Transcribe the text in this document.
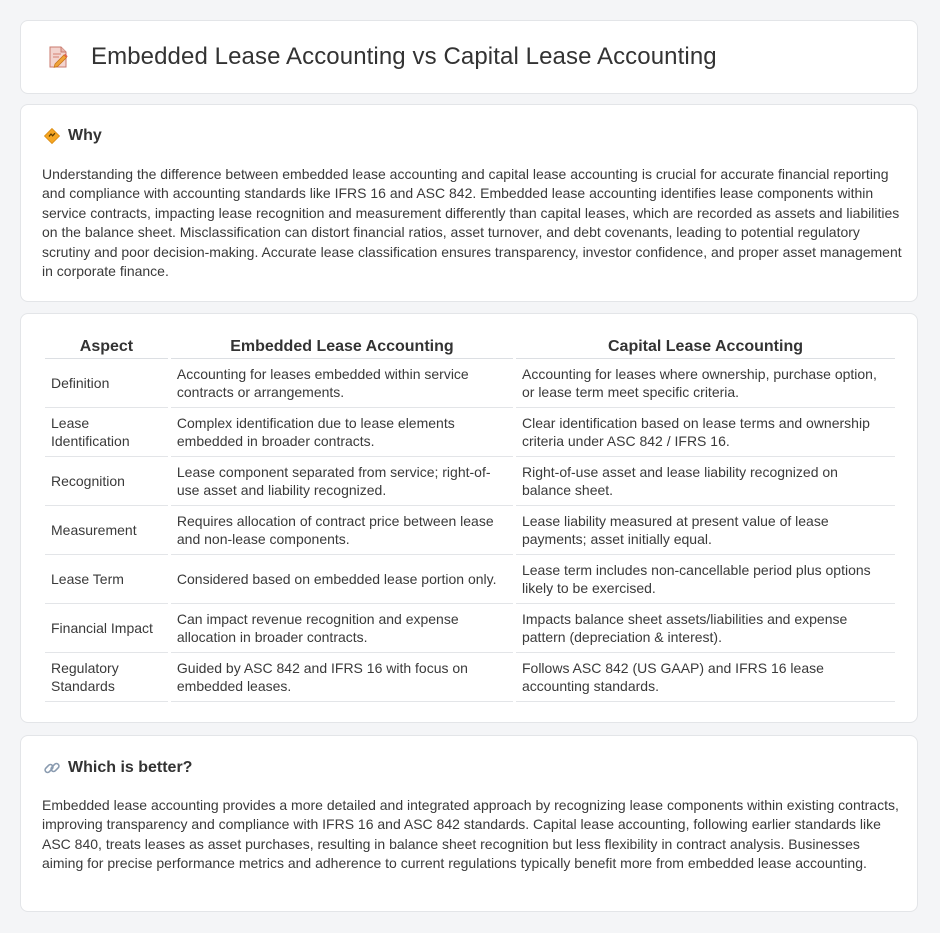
Embedded Lease Accounting vs Capital Lease Accounting
Why

Understanding the difference between embedded lease accounting and capital lease accounting is crucial for accurate financial reporting and compliance with accounting standards like IFRS 16 and ASC 842. Embedded lease accounting identifies lease components within service contracts, impacting lease recognition and measurement differently than capital leases, which are recorded as assets and liabilities on the balance sheet. Misclassification can distort financial ratios, asset turnover, and debt covenants, leading to potential regulatory scrutiny and poor decision-making. Accurate lease classification ensures transparency, investor confidence, and proper asset management in corporate finance.

Aspect	Embedded Lease Accounting	Capital Lease Accounting
Definition	Accounting for leases embedded within service contracts or arrangements.	Accounting for leases where ownership, purchase option, or lease term meet specific criteria.
Lease Identification	Complex identification due to lease elements embedded in broader contracts.	Clear identification based on lease terms and ownership criteria under ASC 842 / IFRS 16.
Recognition	Lease component separated from service; right-of-use asset and liability recognized.	Right-of-use asset and lease liability recognized on balance sheet.
Measurement	Requires allocation of contract price between lease and non-lease components.	Lease liability measured at present value of lease payments; asset initially equal.
Lease Term	Considered based on embedded lease portion only.	Lease term includes non-cancellable period plus options likely to be exercised.
Financial Impact	Can impact revenue recognition and expense allocation in broader contracts.	Impacts balance sheet assets/liabilities and expense pattern (depreciation & interest).
Regulatory Standards	Guided by ASC 842 and IFRS 16 with focus on embedded leases.	Follows ASC 842 (US GAAP) and IFRS 16 lease accounting standards.
Which is better?

Embedded lease accounting provides a more detailed and integrated approach by recognizing lease components within existing contracts, improving transparency and compliance with IFRS 16 and ASC 842 standards. Capital lease accounting, following earlier standards like ASC 840, treats leases as asset purchases, resulting in balance sheet recognition but less flexibility in contract analysis. Businesses aiming for precise performance metrics and adherence to current regulations typically benefit more from embedded lease accounting.
